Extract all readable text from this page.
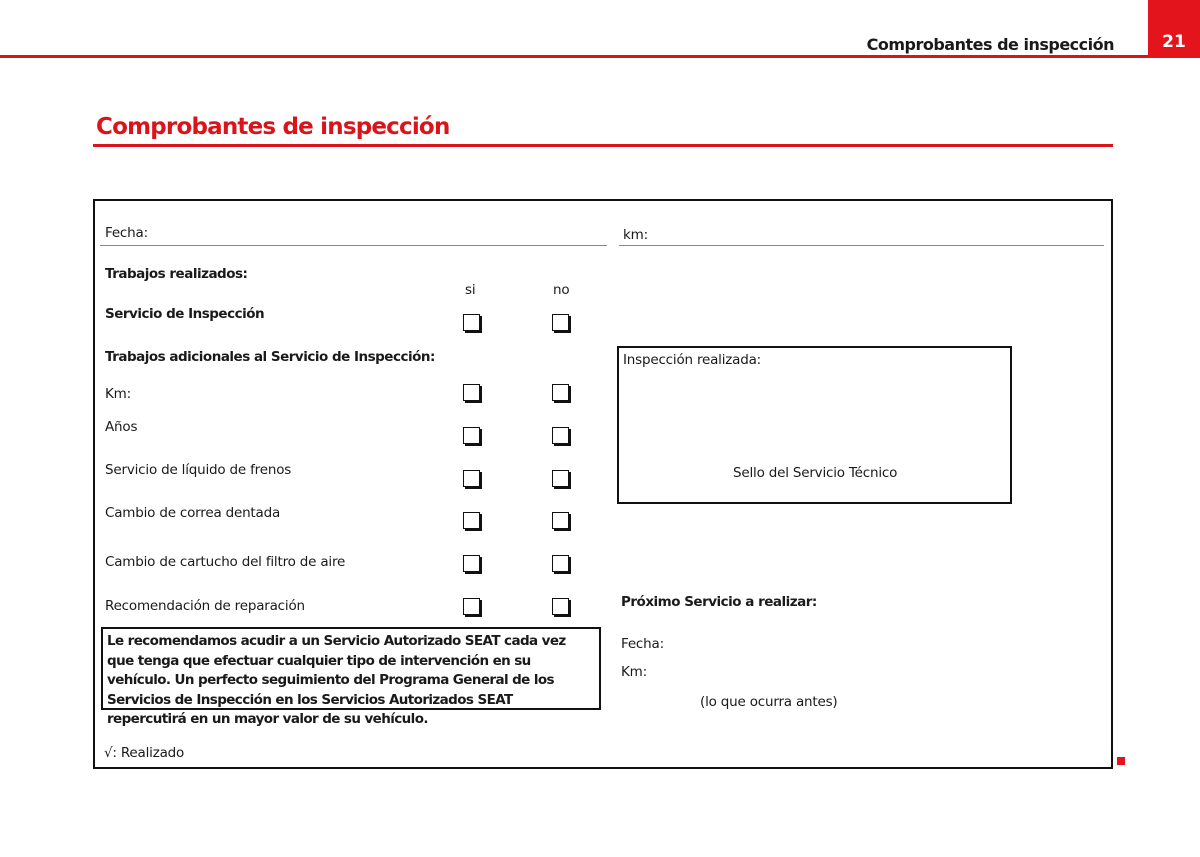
21
Comprobantes de inspección
Comprobantes de inspección
Fecha:	km:
Trabajos realizados:
si	no
Servicio de Inspección
Trabajos adicionales al Servicio de Inspección:
Km:
Años
Servicio de líquido de frenos
Cambio de correa dentada
Cambio de cartucho del filtro de aire
Recomendación de reparación
Inspección realizada:
Sello del Servicio Técnico
Próximo Servicio a realizar:
Fecha:
Km:
(lo que ocurra antes)
Le recomendamos acudir a un Servicio Autorizado SEAT cada vez que tenga que efectuar cualquier tipo de intervención en su vehículo. Un perfecto seguimiento del Programa General de los Servicios de Inspección en los Servicios Autorizados SEAT repercutirá en un mayor valor de su vehículo.
√: Realizado
